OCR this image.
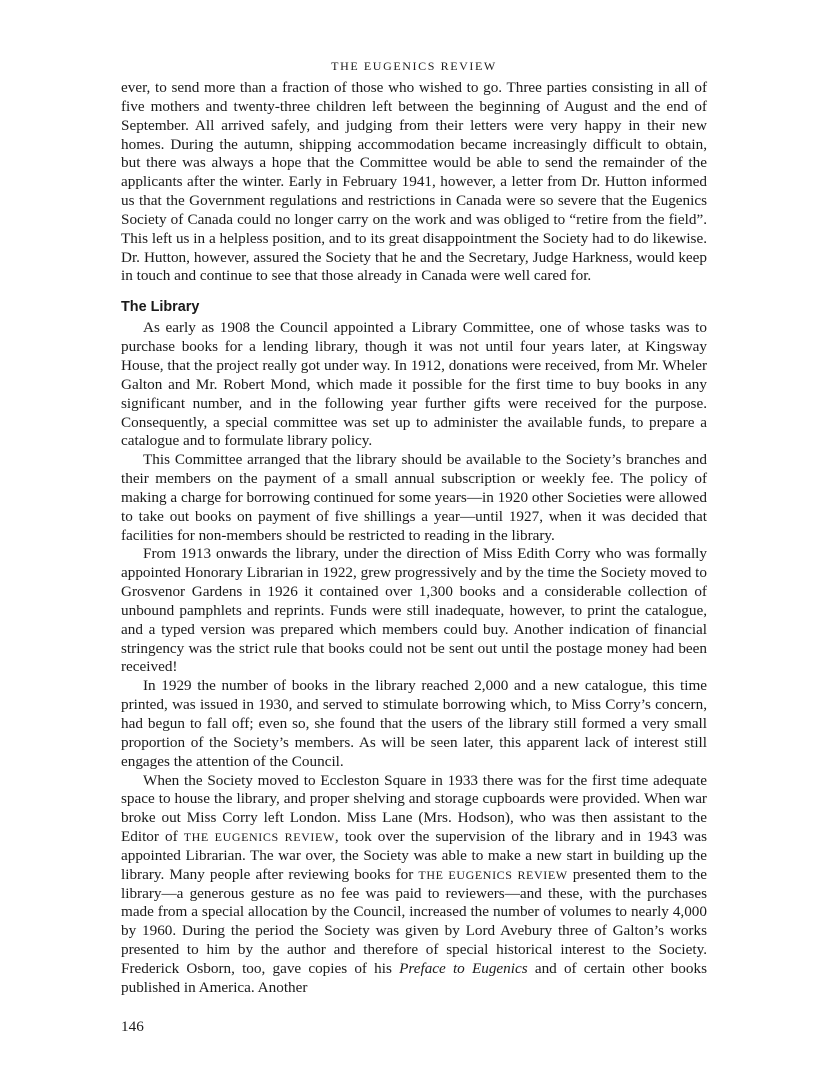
THE EUGENICS REVIEW

ever, to send more than a fraction of those who wished to go. Three parties consisting in all of five mothers and twenty-three children left between the beginning of August and the end of September. All arrived safely, and judging from their letters were very happy in their new homes. During the autumn, shipping accommodation became increasingly difficult to obtain, but there was always a hope that the Committee would be able to send the remainder of the applicants after the winter. Early in February 1941, however, a letter from Dr. Hutton informed us that the Government regulations and restrictions in Canada were so severe that the Eugenics Society of Canada could no longer carry on the work and was obliged to “retire from the field”. This left us in a helpless position, and to its great disappointment the Society had to do likewise. Dr. Hutton, however, assured the Society that he and the Secretary, Judge Harkness, would keep in touch and continue to see that those already in Canada were well cared for.

The Library

As early as 1908 the Council appointed a Library Committee, one of whose tasks was to purchase books for a lending library, though it was not until four years later, at Kingsway House, that the project really got under way. In 1912, donations were received, from Mr. Wheler Galton and Mr. Robert Mond, which made it possible for the first time to buy books in any significant number, and in the following year further gifts were received for the purpose. Consequently, a special committee was set up to administer the available funds, to prepare a catalogue and to formulate library policy.

This Committee arranged that the library should be available to the Society’s branches and their members on the payment of a small annual subscription or weekly fee. The policy of making a charge for borrowing continued for some years—in 1920 other Societies were allowed to take out books on payment of five shillings a year—until 1927, when it was decided that facilities for non-members should be restricted to reading in the library.

From 1913 onwards the library, under the direction of Miss Edith Corry who was formally appointed Honorary Librarian in 1922, grew progressively and by the time the Society moved to Grosvenor Gardens in 1926 it contained over 1,300 books and a considerable collection of unbound pamphlets and reprints. Funds were still inadequate, however, to print the catalogue, and a typed version was prepared which members could buy. Another indication of financial stringency was the strict rule that books could not be sent out until the postage money had been received!

In 1929 the number of books in the library reached 2,000 and a new catalogue, this time printed, was issued in 1930, and served to stimulate borrowing which, to Miss Corry’s concern, had begun to fall off; even so, she found that the users of the library still formed a very small proportion of the Society’s members. As will be seen later, this apparent lack of interest still engages the attention of the Council.

When the Society moved to Eccleston Square in 1933 there was for the first time adequate space to house the library, and proper shelving and storage cupboards were provided. When war broke out Miss Corry left London. Miss Lane (Mrs. Hodson), who was then assistant to the Editor of THE EUGENICS REVIEW, took over the supervision of the library and in 1943 was appointed Librarian. The war over, the Society was able to make a new start in building up the library. Many people after reviewing books for THE EUGENICS REVIEW presented them to the library—a generous gesture as no fee was paid to reviewers—and these, with the purchases made from a special allocation by the Council, increased the number of volumes to nearly 4,000 by 1960. During the period the Society was given by Lord Avebury three of Galton’s works presented to him by the author and therefore of special historical interest to the Society. Frederick Osborn, too, gave copies of his Preface to Eugenics and of certain other books published in America. Another

146
